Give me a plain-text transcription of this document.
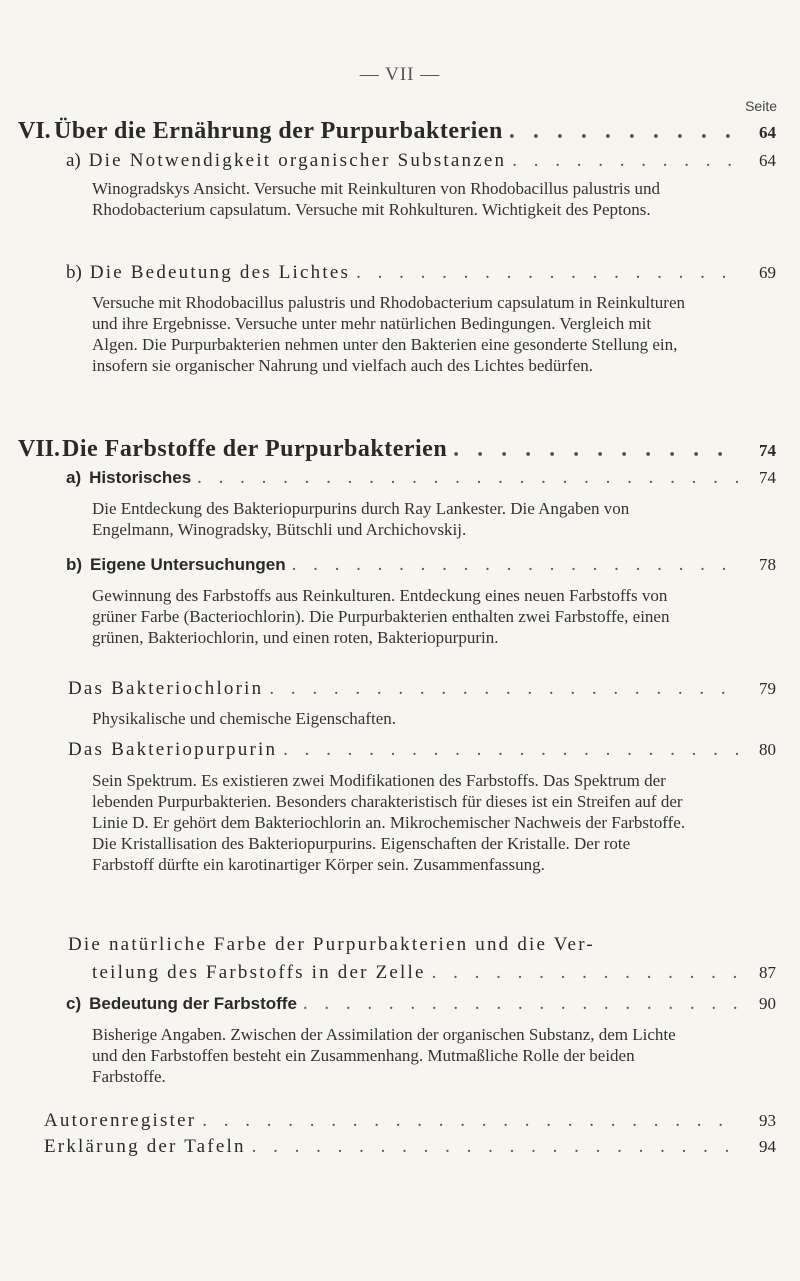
— VII —
Seite
VI. Über die Ernährung der Purpurbakterien . . .	64
a) Die Notwendigkeit organischer Substanzen . . .	64
Winogradskys Ansicht. Versuche mit Reinkulturen von Rhodobacillus palustris und Rhodobacterium capsulatum. Versuche mit Rohkulturen. Wichtigkeit des Peptons.
b) Die Bedeutung des Lichtes . . .	69
Versuche mit Rhodobacillus palustris und Rhodobacterium capsulatum in Reinkulturen und ihre Ergebnisse. Versuche unter mehr natürlichen Bedingungen. Vergleich mit Algen. Die Purpurbakterien nehmen unter den Bakterien eine gesonderte Stellung ein, insofern sie organischer Nahrung und vielfach auch des Lichtes bedürfen.
VII. Die Farbstoffe der Purpurbakterien . . .	74
a) Historisches . . .	74
Die Entdeckung des Bakteriopurpurins durch Ray Lankester. Die Angaben von Engelmann, Winogradsky, Bütschli und Archichovskij.
b) Eigene Untersuchungen . . .	78
Gewinnung des Farbstoffs aus Reinkulturen. Entdeckung eines neuen Farbstoffs von grüner Farbe (Bacteriochlorin). Die Purpurbakterien enthalten zwei Farbstoffe, einen grünen, Bakteriochlorin, und einen roten, Bakteriopurpurin.
Das Bakteriochlorin . . .	79
Physikalische und chemische Eigenschaften.
Das Bakteriopurpurin . . .	80
Sein Spektrum. Es existieren zwei Modifikationen des Farbstoffs. Das Spektrum der lebenden Purpurbakterien. Besonders charakteristisch für dieses ist ein Streifen auf der Linie D. Er gehört dem Bakteriochlorin an. Mikrochemischer Nachweis der Farbstoffe. Die Kristallisation des Bakteriopurpurins. Eigenschaften der Kristalle. Der rote Farbstoff dürfte ein karotinartiger Körper sein. Zusammenfassung.
Die natürliche Farbe der Purpurbakterien und die Ver-
teilung des Farbstoffs in der Zelle . . .	87
c) Bedeutung der Farbstoffe . . .	90
Bisherige Angaben. Zwischen der Assimilation der organischen Substanz, dem Lichte und den Farbstoffen besteht ein Zusammenhang. Mutmaßliche Rolle der beiden Farbstoffe.
Autorenregister . . .	93
Erklärung der Tafeln . . .	94
